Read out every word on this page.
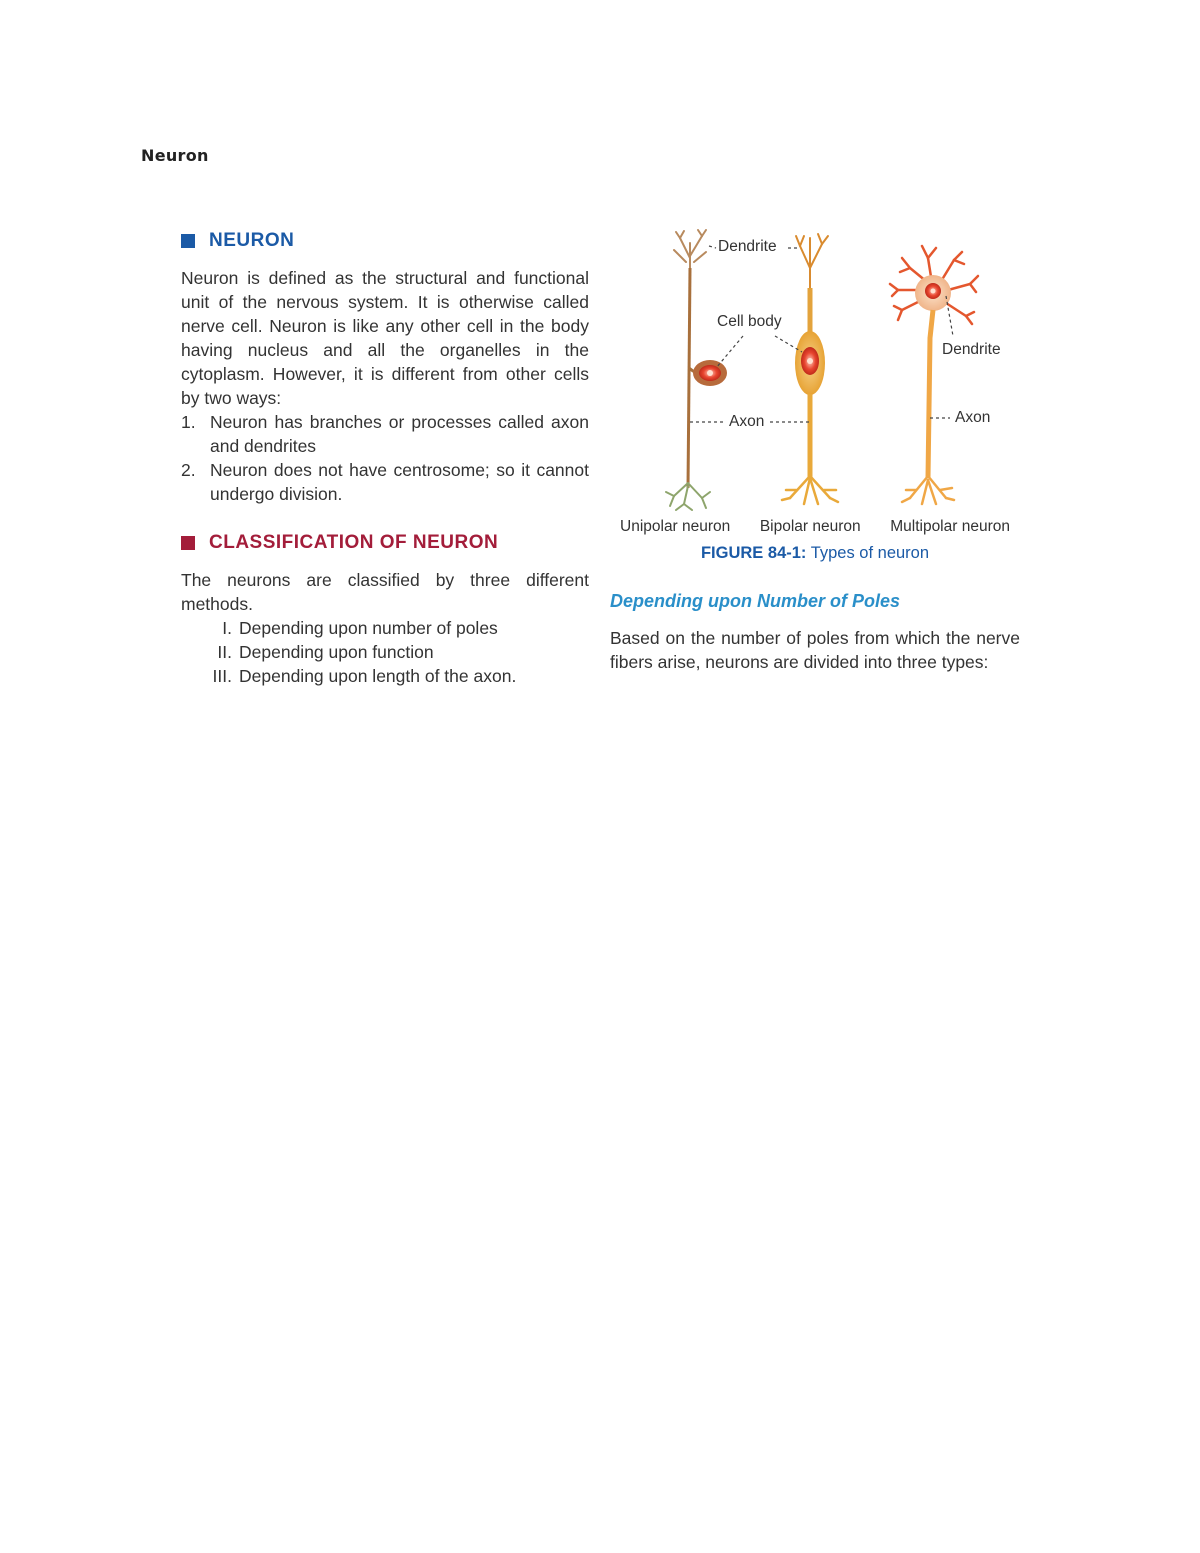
Neuron
NEURON

Neuron is defined as the structural and functional unit of the nervous system. It is otherwise called nerve cell. Neuron is like any other cell in the body having nucleus and all the organelles in the cytoplasm. However, it is different from other cells by two ways:

1. Neuron has branches or processes called axon and dendrites
2. Neuron does not have centrosome; so it cannot undergo division.
CLASSIFICATION OF NEURON

The neurons are classified by three different methods.

I. Depending upon number of poles
II. Depending upon function
III. Depending upon length of the axon.
Dendrite
Cell body
Dendrite
Axon	Axon
Unipolar neuron Bipolar neuron Multipolar neuron
FIGURE 84-1: Types of neuron
Depending upon Number of Poles

Based on the number of poles from which the nerve fibers arise, neurons are divided into three types:
